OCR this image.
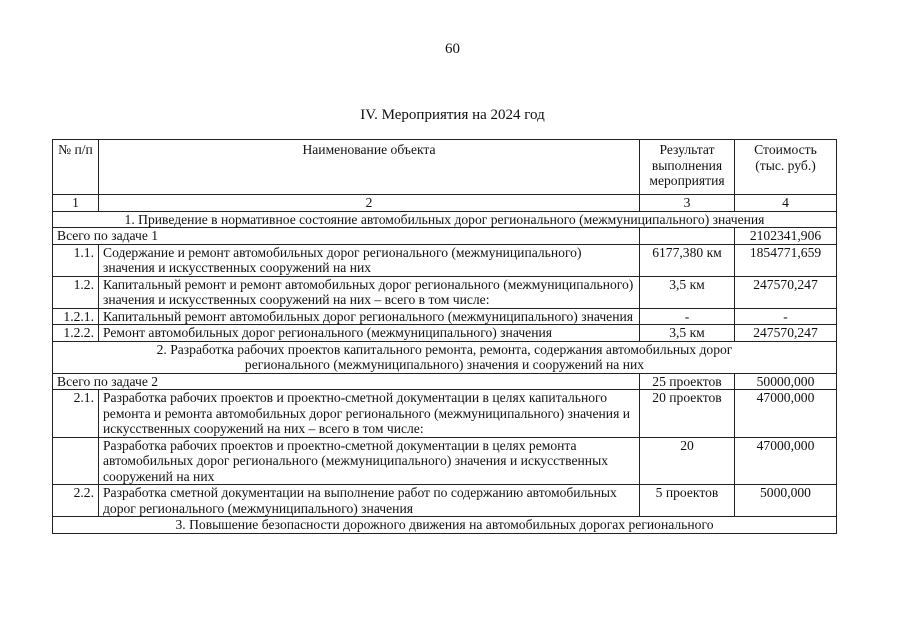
60
IV. Мероприятия на 2024 год
№ п/п	Наименование объекта	Результат выполнения мероприятия	Стоимость (тыс. руб.)
1	2	3	4
1. Приведение в нормативное состояние автомобильных дорог регионального (межмуниципального) значения			
Всего по задаче 1			2102341,906
1.1.	Содержание и ремонт автомобильных дорог регионального (межмуниципального) значения и искусственных сооружений на них	6177,380 км	1854771,659
1.2.	Капитальный ремонт и ремонт автомобильных дорог регионального (межмуниципального) значения и искусственных сооружений на них – всего в том числе:	3,5 км	247570,247
1.2.1.	Капитальный ремонт автомобильных дорог регионального (межмуниципального) значения	-	-
1.2.2.	Ремонт автомобильных дорог регионального (межмуниципального) значения	3,5 км	247570,247
2. Разработка рабочих проектов капитального ремонта, ремонта, содержания автомобильных дорог регионального (межмуниципального) значения и сооружений на них			
Всего по задаче 2		25 проектов	50000,000
2.1.	Разработка рабочих проектов и проектно-сметной документации в целях капитального ремонта и ремонта автомобильных дорог регионального (межмуниципального) значения и искусственных сооружений на них – всего в том числе:	20 проектов	47000,000
	Разработка рабочих проектов и проектно-сметной документации в целях ремонта автомобильных дорог регионального (межмуниципального) значения и искусственных сооружений на них	20	47000,000
2.2.	Разработка сметной документации на выполнение работ по содержанию автомобильных дорог регионального (межмуниципального) значения	5 проектов	5000,000
3. Повышение безопасности дорожного движения на автомобильных дорогах регионального			
